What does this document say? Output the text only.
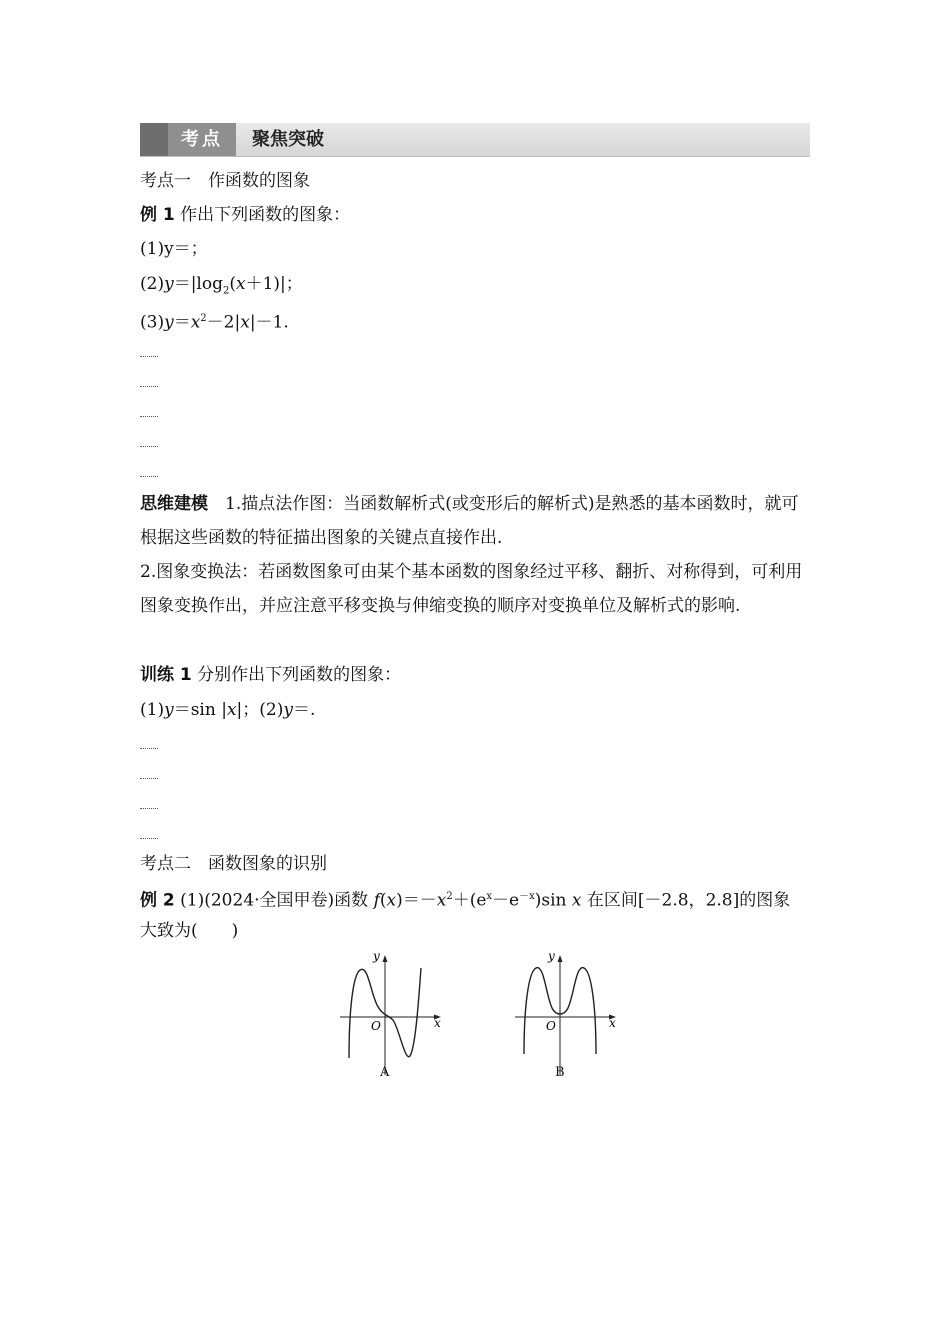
考点	聚焦突破
考点一　作函数的图象
例 1 作出下列函数的图象：
(1)y＝；
$(2)y=|\log_2(x+1)|$；
$(3)y=x^2-2|x|-1$.
思维建模　 1.描点法作图：当函数解析式(或变形后的解析式)是熟悉的基本函数时，就可根据这些函数的特征描出图象的关键点直接作出.
2.图象变换法：若函数图象可由某个基本函数的图象经过平移、翻折、对称得到，可利用图象变换作出，并应注意平移变换与伸缩变换的顺序对变换单位及解析式的影响.
训练 1 分别作出下列函数的图象：
(1)y＝sin |x|；(2)y＝.
考点二　函数图象的识别
例 2 (1)(2024·全国甲卷)函数 $f(x)=-x^2+(e^x-e^{-x})\sin$ x 在区间[－2.8，2.8]的图象
大致为(　　)
y
x
O
A
y
x
O
B
